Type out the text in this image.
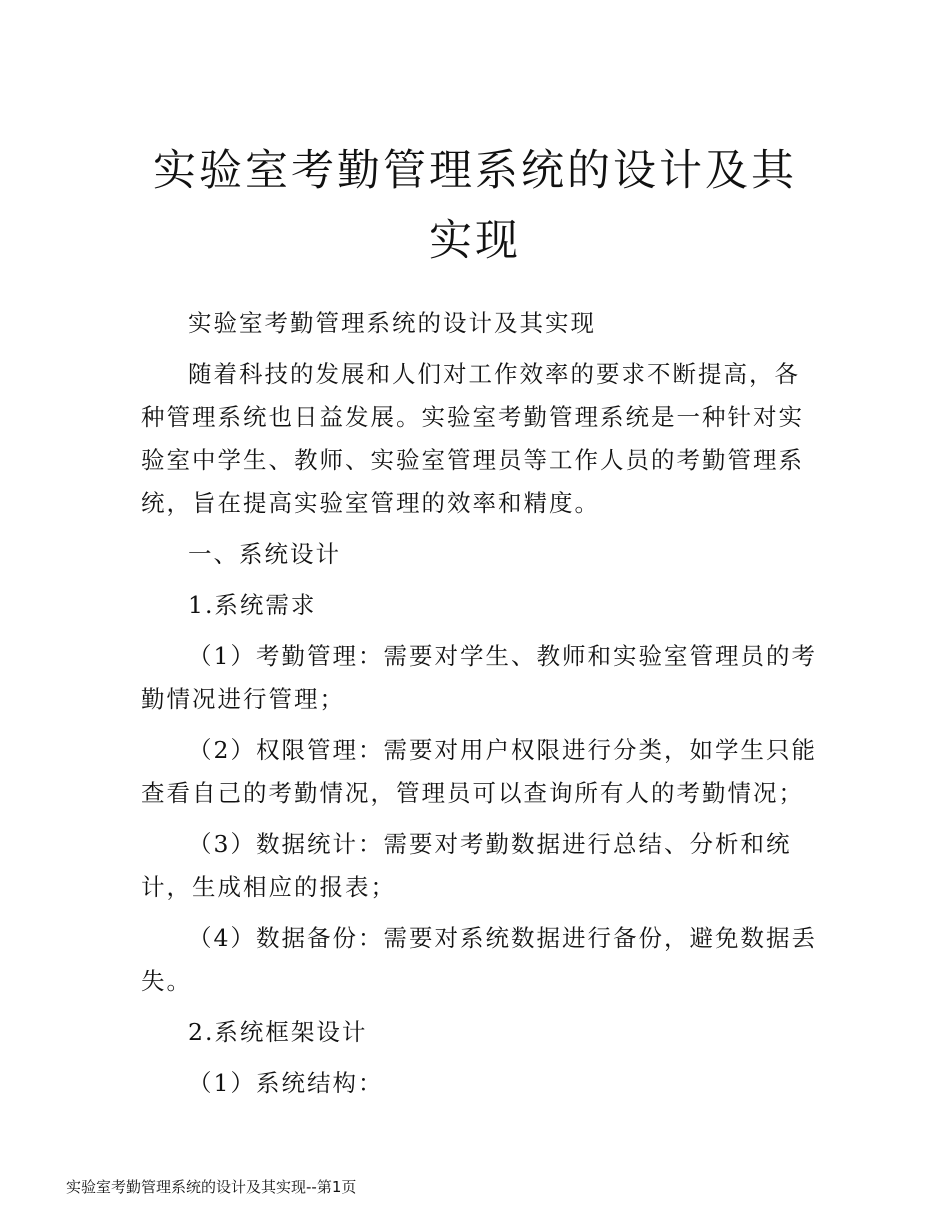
实验室考勤管理系统的设计及其实现

实验室考勤管理系统的设计及其实现

随着科技的发展和人们对工作效率的要求不断提高，各种管理系统也日益发展。实验室考勤管理系统是一种针对实验室中学生、教师、实验室管理员等工作人员的考勤管理系统，旨在提高实验室管理的效率和精度。

一、系统设计

1.系统需求

（1）考勤管理：需要对学生、教师和实验室管理员的考勤情况进行管理；

（2）权限管理：需要对用户权限进行分类，如学生只能查看自己的考勤情况，管理员可以查询所有人的考勤情况；

（3）数据统计：需要对考勤数据进行总结、分析和统计，生成相应的报表；

（4）数据备份：需要对系统数据进行备份，避免数据丢失。

2.系统框架设计

（1）系统结构：

实验室考勤管理系统的设计及其实现--第1页
